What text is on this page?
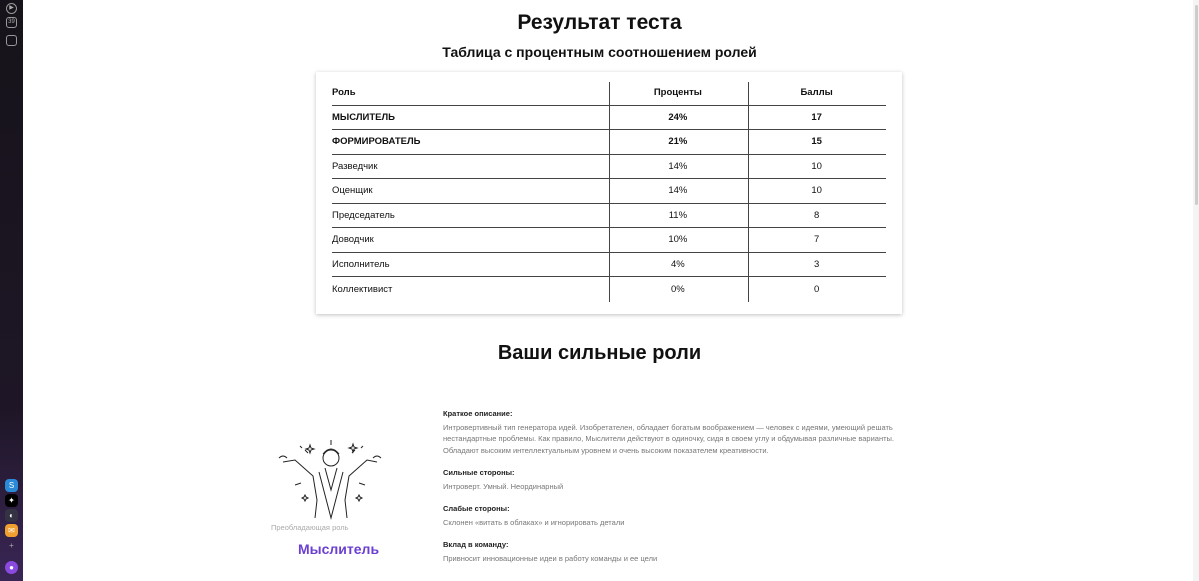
▶
39
S
✦
◐
✉
+
●
Результат теста
Таблица с процентным соотношением ролей
Роль	Проценты	Баллы
МЫСЛИТЕЛЬ	24%	17
ФОРМИРОВАТЕЛЬ	21%	15
Разведчик	14%	10
Оценщик	14%	10
Председатель	11%	8
Доводчик	10%	7
Исполнитель	4%	3
Коллективист	0%	0
Ваши сильные роли
Преобладающая роль
Мыслитель
Краткое описание:
Интровертивный тип генератора идей. Изобретателен, обладает богатым воображением — человек с идеями, умеющий решать нестандартные проблемы. Как правило, Мыслители действуют в одиночку, сидя в своем углу и обдумывая различные варианты. Обладают высоким интеллектуальным уровнем и очень высоким показателем креативности.
Сильные стороны:
Интроверт. Умный. Неординарный
Слабые стороны:
Склонен «витать в облаках» и игнорировать детали
Вклад в команду:
Привносит инновационные идеи в работу команды и ее цели
